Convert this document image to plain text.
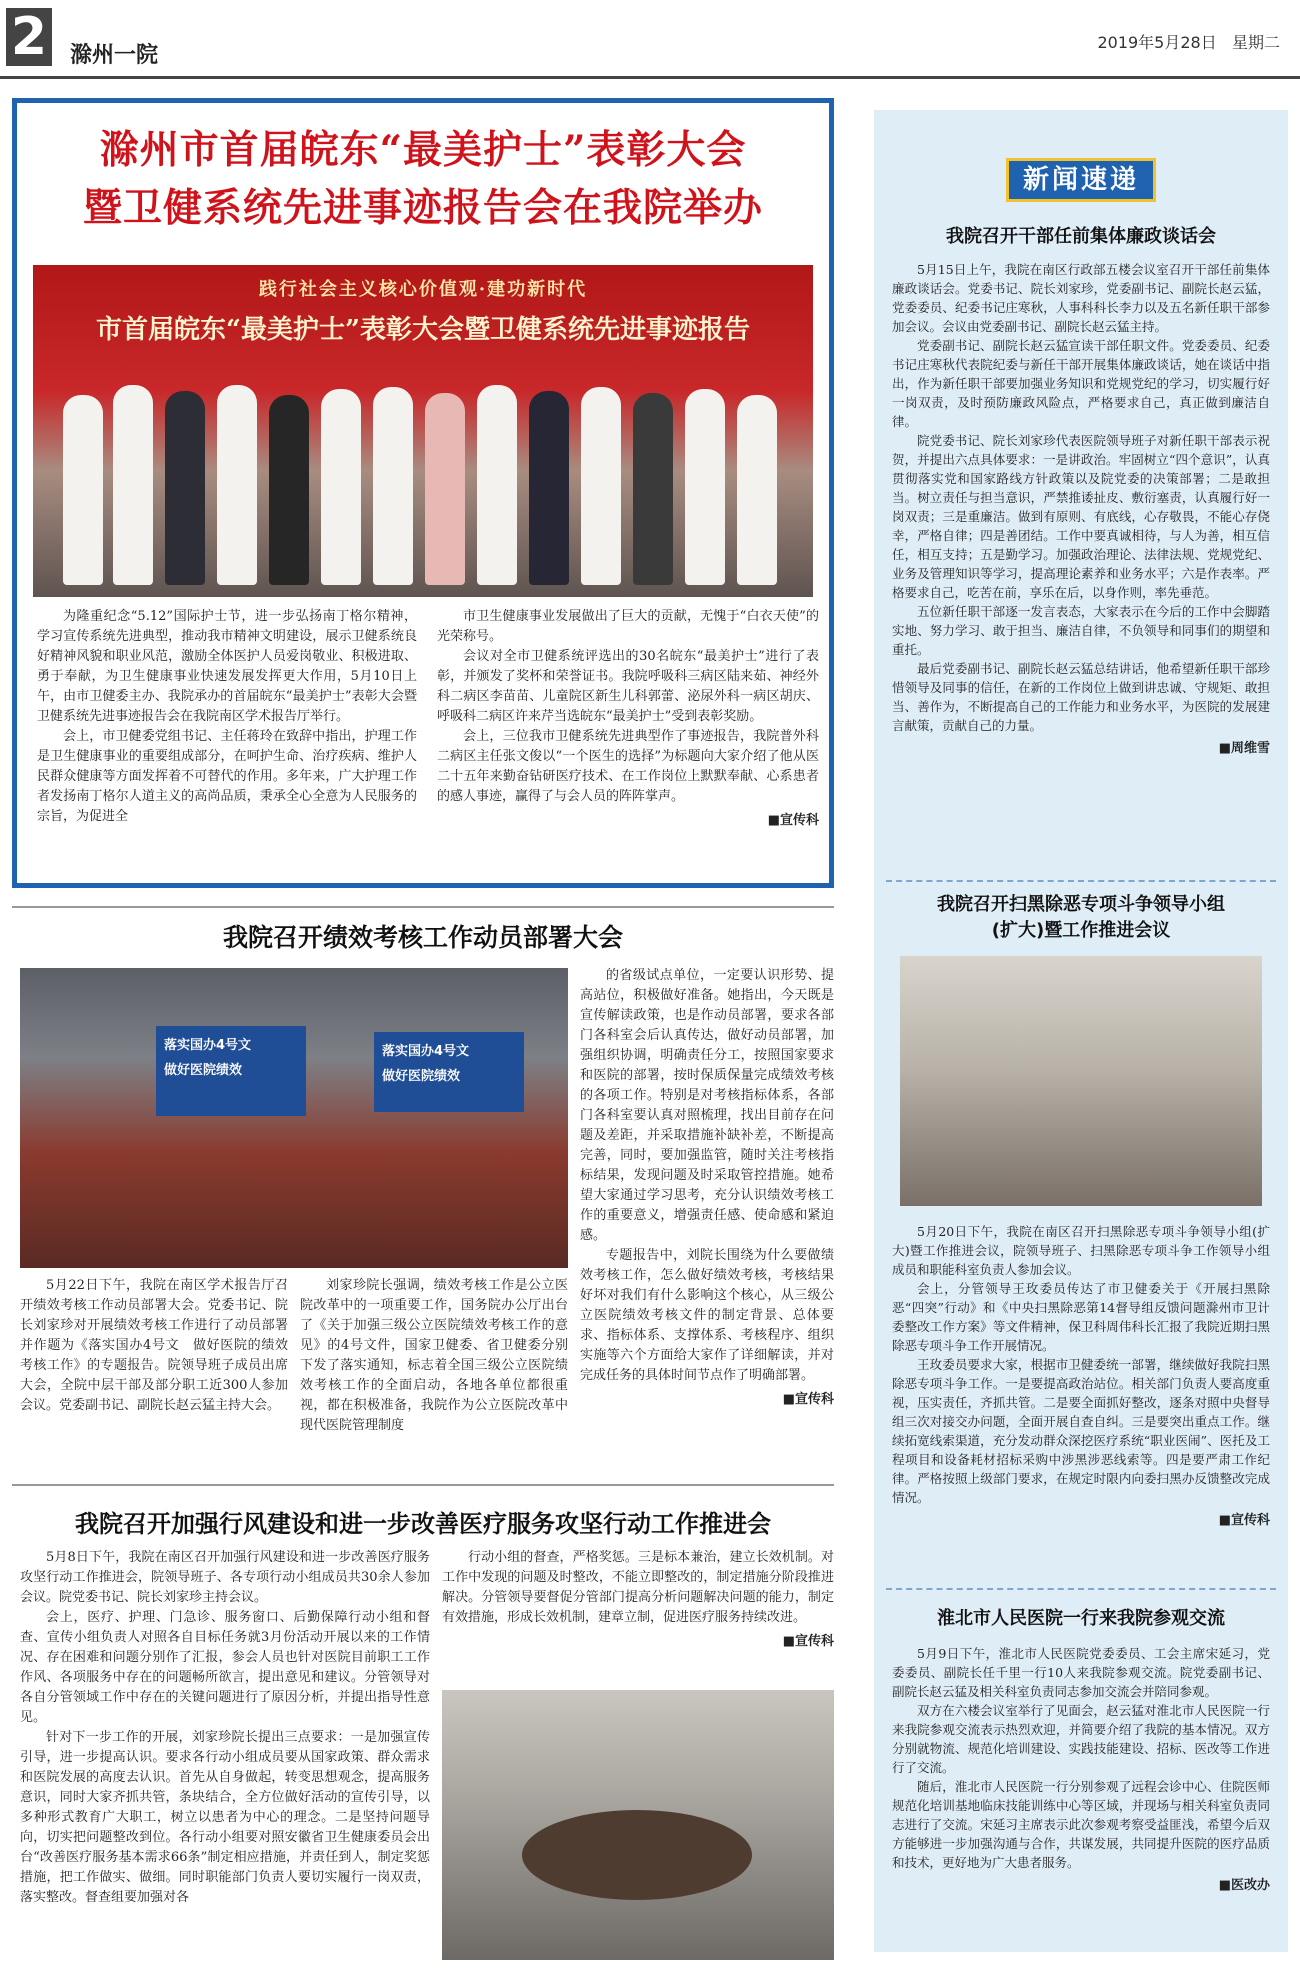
2 滁州一院
2019年5月28日 星期二
滁州市首届皖东“最美护士”表彰大会
暨卫健系统先进事迹报告会在我院举办
践行社会主义核心价值观·建功新时代
市首届皖东“最美护士”表彰大会暨卫健系统先进事迹报告

为隆重纪念“5.12”国际护士节，进一步弘扬南丁格尔精神，学习宣传系统先进典型，推动我市精神文明建设，展示卫健系统良好精神风貌和职业风范，激励全体医护人员爱岗敬业、积极进取、勇于奉献，为卫生健康事业快速发展发挥更大作用，5月10日上午，由市卫健委主办、我院承办的首届皖东“最美护士”表彰大会暨卫健系统先进事迹报告会在我院南区学术报告厅举行。

会上，市卫健委党组书记、主任蒋玲在致辞中指出，护理工作是卫生健康事业的重要组成部分，在呵护生命、治疗疾病、维护人民群众健康等方面发挥着不可替代的作用。多年来，广大护理工作者发扬南丁格尔人道主义的高尚品质，秉承全心全意为人民服务的宗旨，为促进全

市卫生健康事业发展做出了巨大的贡献，无愧于“白衣天使”的光荣称号。

会议对全市卫健系统评选出的30名皖东“最美护士”进行了表彰，并颁发了奖杯和荣誉证书。我院呼吸科三病区陆来茹、神经外科二病区李苗苗、儿童院区新生儿科郭蕾、泌尿外科一病区胡庆、呼吸科二病区许来芹当选皖东“最美护士”受到表彰奖励。

会上，三位我市卫健系统先进典型作了事迹报告，我院普外科二病区主任张文俊以“一个医生的选择”为标题向大家介绍了他从医二十五年来勤奋钻研医疗技术、在工作岗位上默默奉献、心系患者的感人事迹，赢得了与会人员的阵阵掌声。

■宣传科
我院召开绩效考核工作动员部署大会
落实国办4号文
做好医院绩效
落实国办4号文
做好医院绩效

的省级试点单位，一定要认识形势、提高站位，积极做好准备。她指出，今天既是宣传解读政策，也是作动员部署，要求各部门各科室会后认真传达，做好动员部署，加强组织协调，明确责任分工，按照国家要求和医院的部署，按时保质保量完成绩效考核的各项工作。特别是对考核指标体系，各部门各科室要认真对照梳理，找出目前存在问题及差距，并采取措施补缺补差，不断提高完善，同时，要加强监管，随时关注考核指标结果，发现问题及时采取管控措施。她希望大家通过学习思考，充分认识绩效考核工作的重要意义，增强责任感、使命感和紧迫感。

专题报告中，刘院长围绕为什么要做绩效考核工作，怎么做好绩效考核，考核结果好坏对我们有什么影响这个核心，从三级公立医院绩效考核文件的制定背景、总体要求、指标体系、支撑体系、考核程序、组织实施等六个方面给大家作了详细解读，并对完成任务的具体时间节点作了明确部署。

■宣传科

5月22日下午，我院在南区学术报告厅召开绩效考核工作动员部署大会。党委书记、院长刘家珍对开展绩效考核工作进行了动员部署并作题为《落实国办4号文　做好医院的绩效考核工作》的专题报告。院领导班子成员出席大会，全院中层干部及部分职工近300人参加会议。党委副书记、副院长赵云猛主持大会。

刘家珍院长强调，绩效考核工作是公立医院改革中的一项重要工作，国务院办公厅出台了《关于加强三级公立医院绩效考核工作的意见》的4号文件，国家卫健委、省卫健委分别下发了落实通知，标志着全国三级公立医院绩效考核工作的全面启动，各地各单位都很重视，都在积极准备，我院作为公立医院改革中现代医院管理制度

我院召开加强行风建设和进一步改善医疗服务攻坚行动工作推进会

5月8日下午，我院在南区召开加强行风建设和进一步改善医疗服务攻坚行动工作推进会，院领导班子、各专项行动小组成员共30余人参加会议。院党委书记、院长刘家珍主持会议。

会上，医疗、护理、门急诊、服务窗口、后勤保障行动小组和督查、宣传小组负责人对照各自目标任务就3月份活动开展以来的工作情况、存在困难和问题分别作了汇报，参会人员也针对医院目前职工工作作风、各项服务中存在的问题畅所欲言，提出意见和建议。分管领导对各自分管领域工作中存在的关键问题进行了原因分析，并提出指导性意见。

针对下一步工作的开展，刘家珍院长提出三点要求：一是加强宣传引导，进一步提高认识。要求各行动小组成员要从国家政策、群众需求和医院发展的高度去认识。首先从自身做起，转变思想观念，提高服务意识，同时大家齐抓共管，条块结合，全方位做好活动的宣传引导，以多种形式教育广大职工，树立以患者为中心的理念。二是坚持问题导向，切实把问题整改到位。各行动小组要对照安徽省卫生健康委员会出台“改善医疗服务基本需求66条”制定相应措施，并责任到人，制定奖惩措施，把工作做实、做细。同时职能部门负责人要切实履行一岗双责，落实整改。督查组要加强对各

行动小组的督查，严格奖惩。三是标本兼治，建立长效机制。对工作中发现的问题及时整改，不能立即整改的，制定措施分阶段推进解决。分管领导要督促分管部门提高分析问题解决问题的能力，制定有效措施，形成长效机制，建章立制，促进医疗服务持续改进。

■宣传科
新闻速递
我院召开干部任前集体廉政谈话会

5月15日上午，我院在南区行政部五楼会议室召开干部任前集体廉政谈话会。党委书记、院长刘家珍，党委副书记、副院长赵云猛，党委委员、纪委书记庄寒秋，人事科科长李力以及五名新任职干部参加会议。会议由党委副书记、副院长赵云猛主持。

党委副书记、副院长赵云猛宣读干部任职文件。党委委员、纪委书记庄寒秋代表院纪委与新任干部开展集体廉政谈话，她在谈话中指出，作为新任职干部要加强业务知识和党规党纪的学习，切实履行好一岗双责，及时预防廉政风险点，严格要求自己，真正做到廉洁自律。

院党委书记、院长刘家珍代表医院领导班子对新任职干部表示祝贺，并提出六点具体要求：一是讲政治。牢固树立“四个意识”，认真贯彻落实党和国家路线方针政策以及院党委的决策部署；二是敢担当。树立责任与担当意识，严禁推诿扯皮、敷衍塞责，认真履行好一岗双责；三是重廉洁。做到有原则、有底线，心存敬畏，不能心存侥幸，严格自律；四是善团结。工作中要真诚相待，与人为善，相互信任，相互支持；五是勤学习。加强政治理论、法律法规、党规党纪、业务及管理知识等学习，提高理论素养和业务水平；六是作表率。严格要求自己，吃苦在前，享乐在后，以身作则，率先垂范。

五位新任职干部逐一发言表态，大家表示在今后的工作中会脚踏实地、努力学习、敢于担当、廉洁自律，不负领导和同事们的期望和重托。

最后党委副书记、副院长赵云猛总结讲话，他希望新任职干部珍惜领导及同事的信任，在新的工作岗位上做到讲忠诚、守规矩、敢担当、善作为，不断提高自己的工作能力和业务水平，为医院的发展建言献策，贡献自己的力量。

■周维雪
我院召开扫黑除恶专项斗争领导小组
(扩大)暨工作推进会议

5月20日下午，我院在南区召开扫黑除恶专项斗争领导小组(扩大)暨工作推进会议，院领导班子、扫黑除恶专项斗争工作领导小组成员和职能科室负责人参加会议。

会上，分管领导王玫委员传达了市卫健委关于《开展扫黑除恶“四突”行动》和《中央扫黑除恶第14督导组反馈问题滁州市卫计委整改工作方案》等文件精神，保卫科周伟科长汇报了我院近期扫黑除恶专项斗争工作开展情况。

王玫委员要求大家，根据市卫健委统一部署，继续做好我院扫黑除恶专项斗争工作。一是要提高政治站位。相关部门负责人要高度重视，压实责任，齐抓共管。二是要全面抓好整改，逐条对照中央督导组三次对接交办问题，全面开展自查自纠。三是要突出重点工作。继续拓宽线索渠道，充分发动群众深挖医疗系统“职业医闹”、医托及工程项目和设备耗材招标采购中涉黑涉恶线索等。四是要严肃工作纪律。严格按照上级部门要求，在规定时限内向委扫黑办反馈整改完成情况。

■宣传科
淮北市人民医院一行来我院参观交流

5月9日下午，淮北市人民医院党委委员、工会主席宋延习，党委委员、副院长任千里一行10人来我院参观交流。院党委副书记、副院长赵云猛及相关科室负责同志参加交流会并陪同参观。

双方在六楼会议室举行了见面会，赵云猛对淮北市人民医院一行来我院参观交流表示热烈欢迎，并简要介绍了我院的基本情况。双方分别就物流、规范化培训建设、实践技能建设、招标、医改等工作进行了交流。

随后，淮北市人民医院一行分别参观了远程会诊中心、住院医师规范化培训基地临床技能训练中心等区域，并现场与相关科室负责同志进行了交流。宋延习主席表示此次参观考察受益匪浅，希望今后双方能够进一步加强沟通与合作，共谋发展，共同提升医院的医疗品质和技术，更好地为广大患者服务。

■医改办
